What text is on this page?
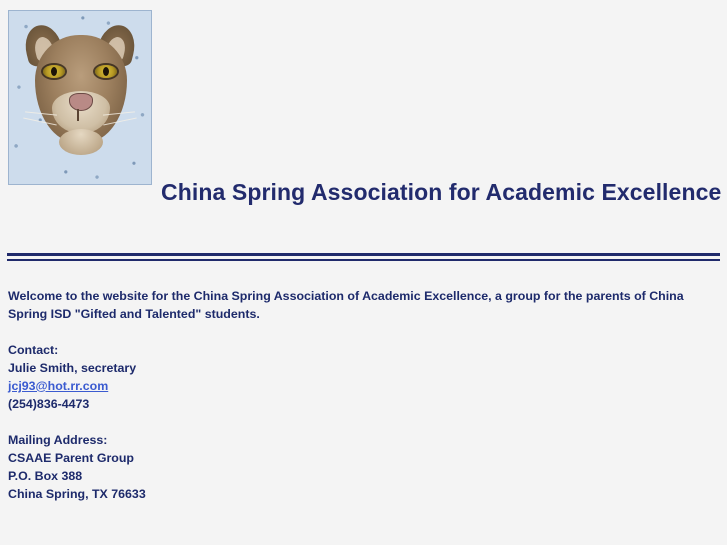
China Spring Association for Academic Excellence

Welcome to the website for the China Spring Association of Academic Excellence, a group for the parents of China Spring ISD "Gifted and Talented" students.

Contact:

Julie Smith, secretary

jcj93@hot.rr.com

(254)836-4473

Mailing Address:

CSAAE Parent Group

P.O. Box 388

China Spring, TX 76633
